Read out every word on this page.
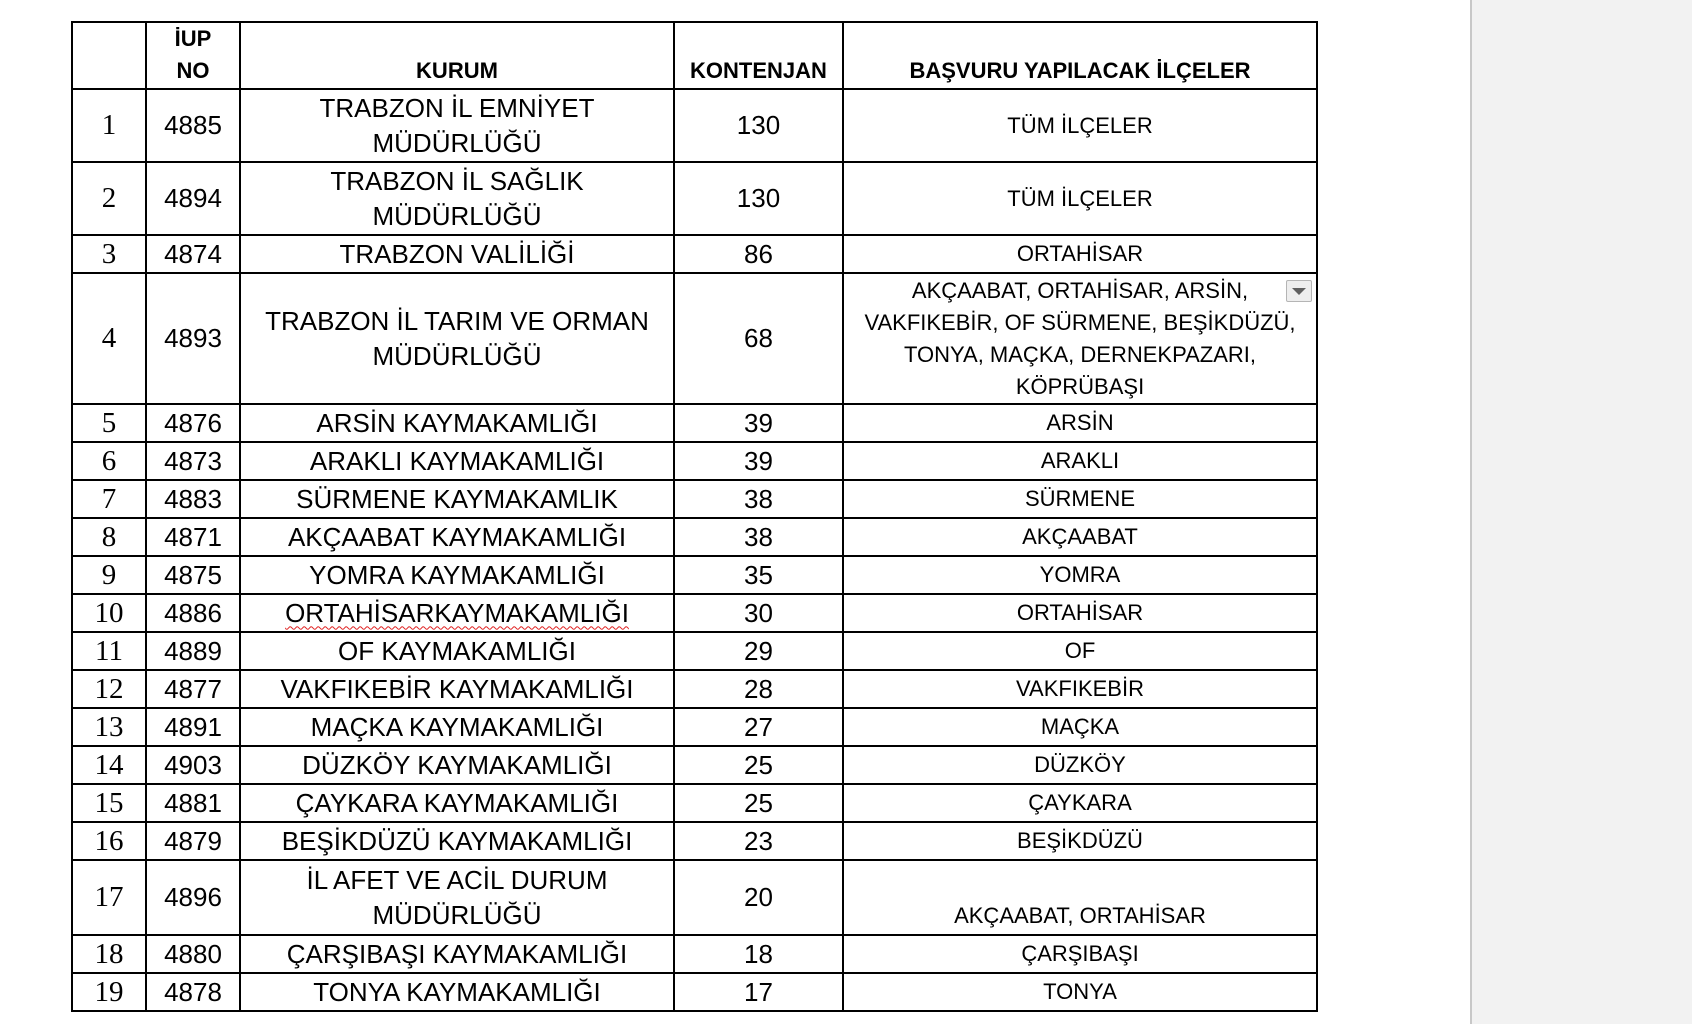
	İUP
NO	KURUM	KONTENJAN	BAŞVURU YAPILACAK İLÇELER
1	4885	TRABZON İL EMNİYET
MÜDÜRLÜĞÜ	130	TÜM İLÇELER
2	4894	TRABZON İL SAĞLIK
MÜDÜRLÜĞÜ	130	TÜM İLÇELER
3	4874	TRABZON VALİLİĞİ	86	ORTAHİSAR
4	4893	TRABZON İL TARIM VE ORMAN
MÜDÜRLÜĞÜ	68	AKÇAABAT, ORTAHİSAR, ARSİN,
VAKFIKEBİR, OF SÜRMENE, BEŞİKDÜZÜ,
TONYA, MAÇKA, DERNEKPAZARI,
KÖPRÜBAŞI

5	4876	ARSİN KAYMAKAMLIĞI	39	ARSİN
6	4873	ARAKLI KAYMAKAMLIĞI	39	ARAKLI
7	4883	SÜRMENE KAYMAKAMLIK	38	SÜRMENE
8	4871	AKÇAABAT KAYMAKAMLIĞI	38	AKÇAABAT
9	4875	YOMRA KAYMAKAMLIĞI	35	YOMRA
10	4886	ORTAHİSARKAYMAKAMLIĞI	30	ORTAHİSAR
11	4889	OF KAYMAKAMLIĞI	29	OF
12	4877	VAKFIKEBİR KAYMAKAMLIĞI	28	VAKFIKEBİR
13	4891	MAÇKA KAYMAKAMLIĞI	27	MAÇKA
14	4903	DÜZKÖY KAYMAKAMLIĞI	25	DÜZKÖY
15	4881	ÇAYKARA KAYMAKAMLIĞI	25	ÇAYKARA
16	4879	BEŞİKDÜZÜ KAYMAKAMLIĞI	23	BEŞİKDÜZÜ
17	4896	İL AFET VE ACİL DURUM
MÜDÜRLÜĞÜ	20	AKÇAABAT, ORTAHİSAR
18	4880	ÇARŞIBAŞI KAYMAKAMLIĞI	18	ÇARŞIBAŞI
19	4878	TONYA KAYMAKAMLIĞI	17	TONYA
